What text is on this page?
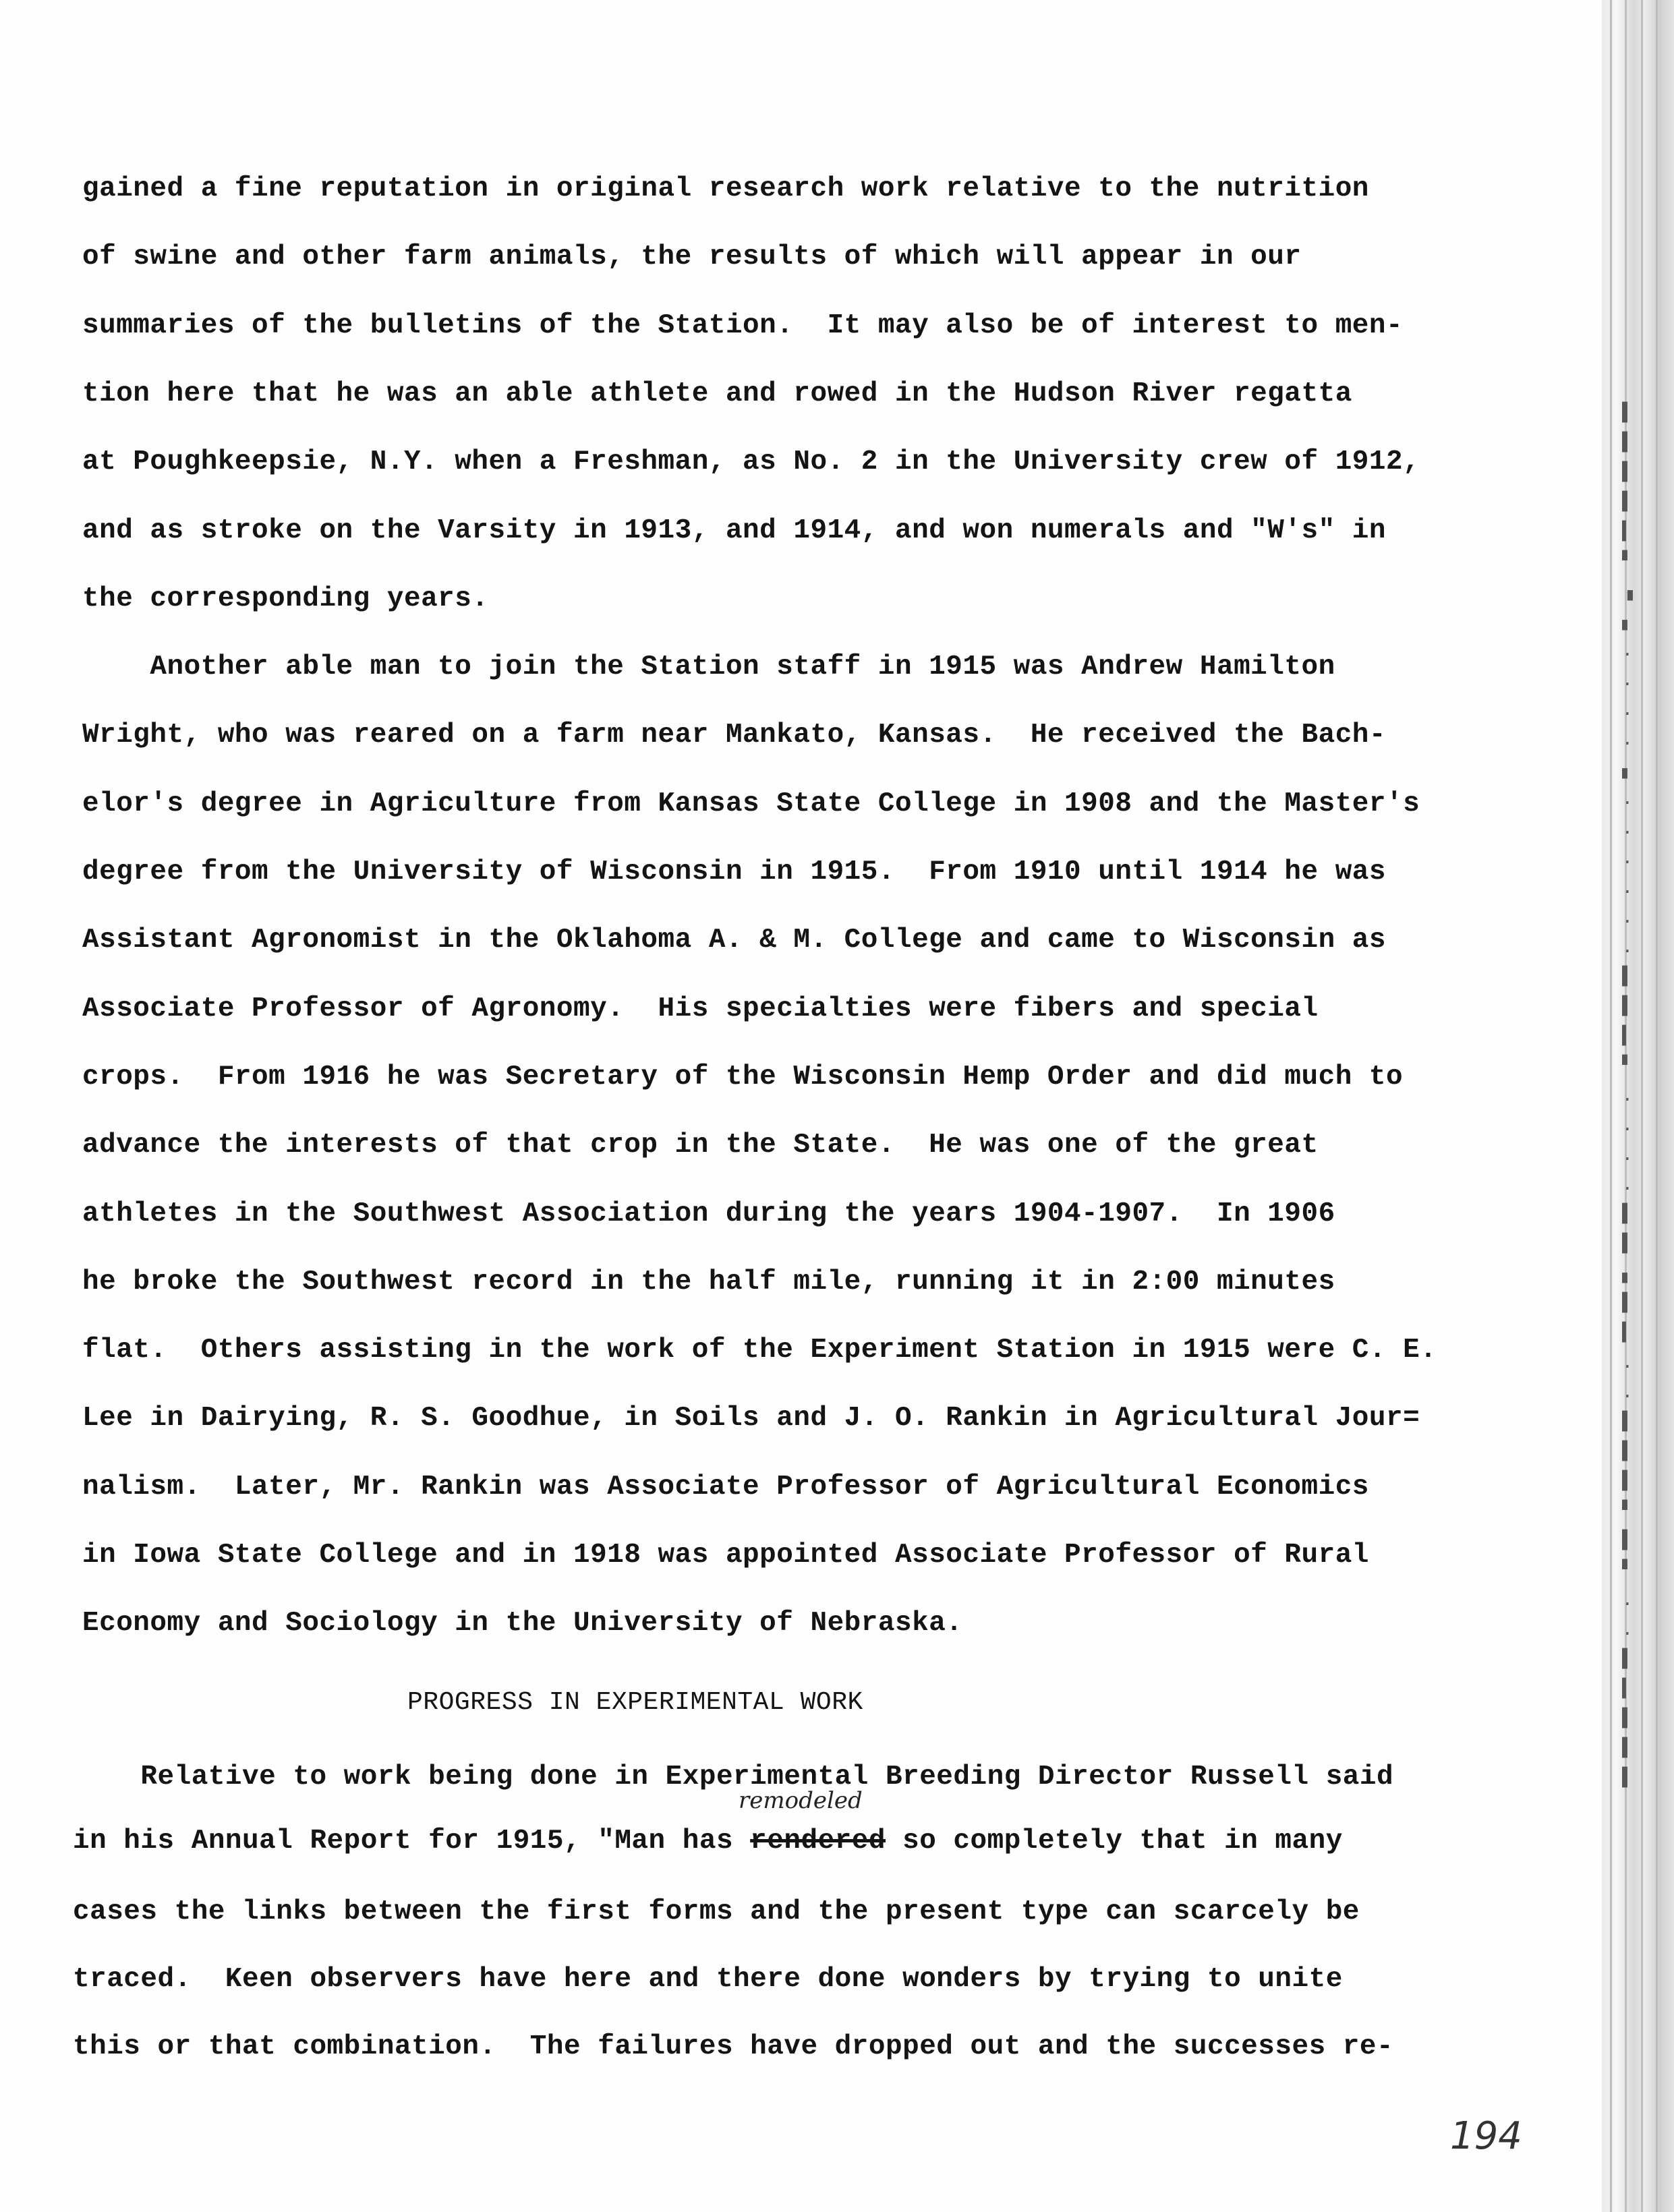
▌
▌
▌
▌
▍
▘
▗
▖
.
.
.
.
▖
.
.
.
.
.
.
▌
▌
▍
▘
.
.
.
.
▌
▌
▖
▌
▍
.
.
▌
▌
▌
▘
▌
▘
.
.
▌
▍
▌
▌
▌
gained a fine reputation in original research work relative to the nutrition
of swine and other farm animals, the results of which will appear in our
summaries of the bulletins of the Station.  It may also be of interest to men-
tion here that he was an able athlete and rowed in the Hudson River regatta
at Poughkeepsie, N.Y. when a Freshman, as No. 2 in the University crew of 1912,
and as stroke on the Varsity in 1913, and 1914, and won numerals and "W's" in
the corresponding years.
Another able man to join the Station staff in 1915 was Andrew Hamilton
Wright, who was reared on a farm near Mankato, Kansas.  He received the Bach-
elor's degree in Agriculture from Kansas State College in 1908 and the Master's
degree from the University of Wisconsin in 1915.  From 1910 until 1914 he was
Assistant Agronomist in the Oklahoma A. & M. College and came to Wisconsin as
Associate Professor of Agronomy.  His specialties were fibers and special
crops.  From 1916 he was Secretary of the Wisconsin Hemp Order and did much to
advance the interests of that crop in the State.  He was one of the great
athletes in the Southwest Association during the years 1904-1907.  In 1906
he broke the Southwest record in the half mile, running it in 2:00 minutes
flat.  Others assisting in the work of the Experiment Station in 1915 were C. E.
Lee in Dairying, R. S. Goodhue, in Soils and J. O. Rankin in Agricultural Jour=
nalism.  Later, Mr. Rankin was Associate Professor of Agricultural Economics
in Iowa State College and in 1918 was appointed Associate Professor of Rural
Economy and Sociology in the University of Nebraska.
PROGRESS IN EXPERIMENTAL WORK
Relative to work being done in Experimental Breeding Director Russell said
in his Annual Report for 1915, "Man has rendered so completely that in many
remodeled
cases the links between the first forms and the present type can scarcely be
traced.  Keen observers have here and there done wonders by trying to unite
this or that combination.  The failures have dropped out and the successes re-
194
